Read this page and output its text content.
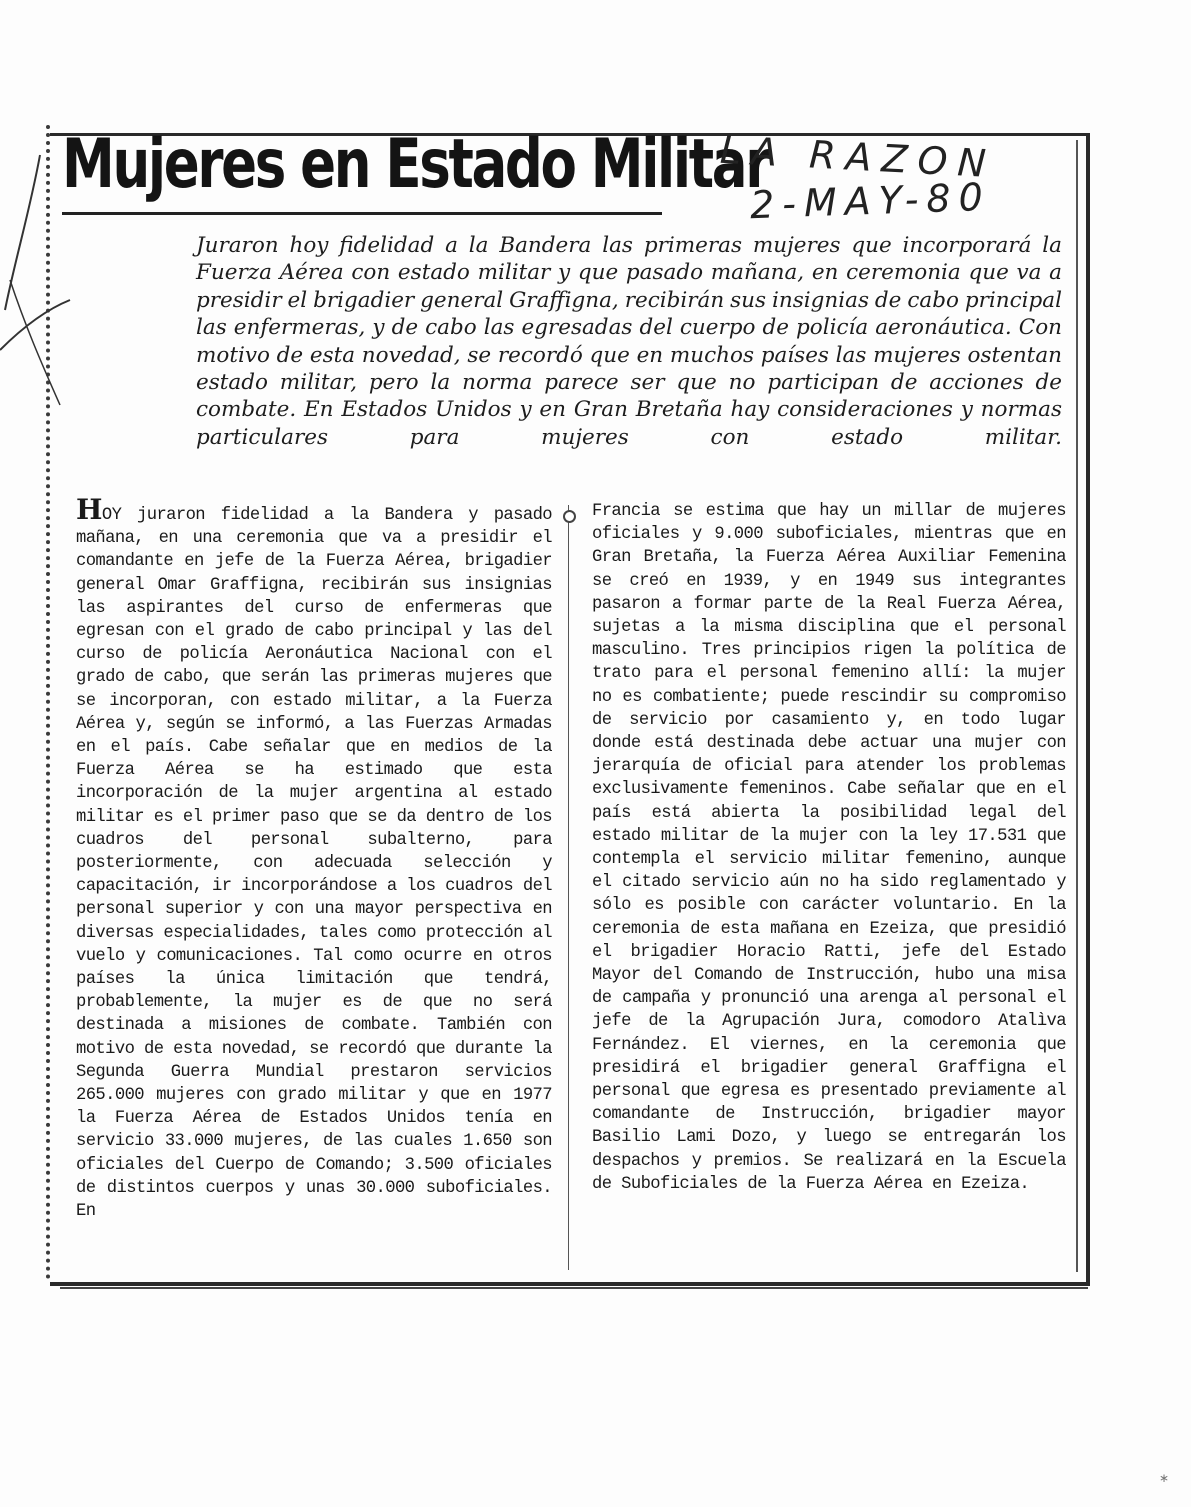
Mujeres en Estado Militar
LA RAZON
2-MAY-80

Juraron hoy fidelidad a la Bandera las primeras mujeres que incorporará la Fuerza Aérea con estado militar y que pasado mañana, en ceremonia que va a presidir el brigadier general Graffigna, recibirán sus insignias de cabo principal las enfermeras, y de cabo las egresadas del cuerpo de policía aeronáutica. Con motivo de esta novedad, se recordó que en muchos países las mujeres ostentan estado militar, pero la norma parece ser que no participan de acciones de combate. En Estados Unidos y en Gran Bretaña hay consideraciones y normas particulares para mujeres con estado militar.

HOY juraron fidelidad a la Bandera y pasado mañana, en una ceremonia que va a presidir el comandante en jefe de la Fuerza Aérea, brigadier general Omar Graffigna, recibirán sus insignias las aspirantes del curso de enfermeras que egresan con el grado de cabo principal y las del curso de policía Aeronáutica Nacional con el grado de cabo, que serán las primeras mujeres que se incorporan, con estado militar, a la Fuerza Aérea y, según se informó, a las Fuerzas Armadas en el país. Cabe señalar que en medios de la Fuerza Aérea se ha estimado que esta incorporación de la mujer argentina al estado militar es el primer paso que se da dentro de los cuadros del personal subalterno, para posteriormente, con adecuada selección y capacitación, ir incorporándose a los cuadros del personal superior y con una mayor perspectiva en diversas especialidades, tales como protección al vuelo y comunicaciones. Tal como ocurre en otros países la única limitación que tendrá, probablemente, la mujer es de que no será destinada a misiones de combate. También con motivo de esta novedad, se recordó que durante la Segunda Guerra Mundial prestaron servicios 265.000 mujeres con grado militar y que en 1977 la Fuerza Aérea de Estados Unidos tenía en servicio 33.000 mujeres, de las cuales 1.650 son oficiales del Cuerpo de Comando; 3.500 oficiales de distintos cuerpos y unas 30.000 suboficiales. En

Francia se estima que hay un millar de mujeres oficiales y 9.000 suboficiales, mientras que en Gran Bretaña, la Fuerza Aérea Auxiliar Femenina se creó en 1939, y en 1949 sus integrantes pasaron a formar parte de la Real Fuerza Aérea, sujetas a la misma disciplina que el personal masculino. Tres principios rigen la política de trato para el personal femenino allí: la mujer no es combatiente; puede rescindir su compromiso de servicio por casamiento y, en todo lugar donde está destinada debe actuar una mujer con jerarquía de oficial para atender los problemas exclusivamente femeninos. Cabe señalar que en el país está abierta la posibilidad legal del estado militar de la mujer con la ley 17.531 que contempla el servicio militar femenino, aunque el citado servicio aún no ha sido reglamentado y sólo es posible con carácter voluntario. En la ceremonia de esta mañana en Ezeiza, que presidió el brigadier Horacio Ratti, jefe del Estado Mayor del Comando de Instrucción, hubo una misa de campaña y pronunció una arenga al personal el jefe de la Agrupación Jura, comodoro Atalìva Fernández. El viernes, en la ceremonia que presidirá el brigadier general Graffigna el personal que egresa es presentado previamente al comandante de Instrucción, brigadier mayor Basilio Lami Dozo, y luego se entregarán los despachos y premios. Se realizará en la Escuela de Suboficiales de la Fuerza Aérea en Ezeiza.

∗
